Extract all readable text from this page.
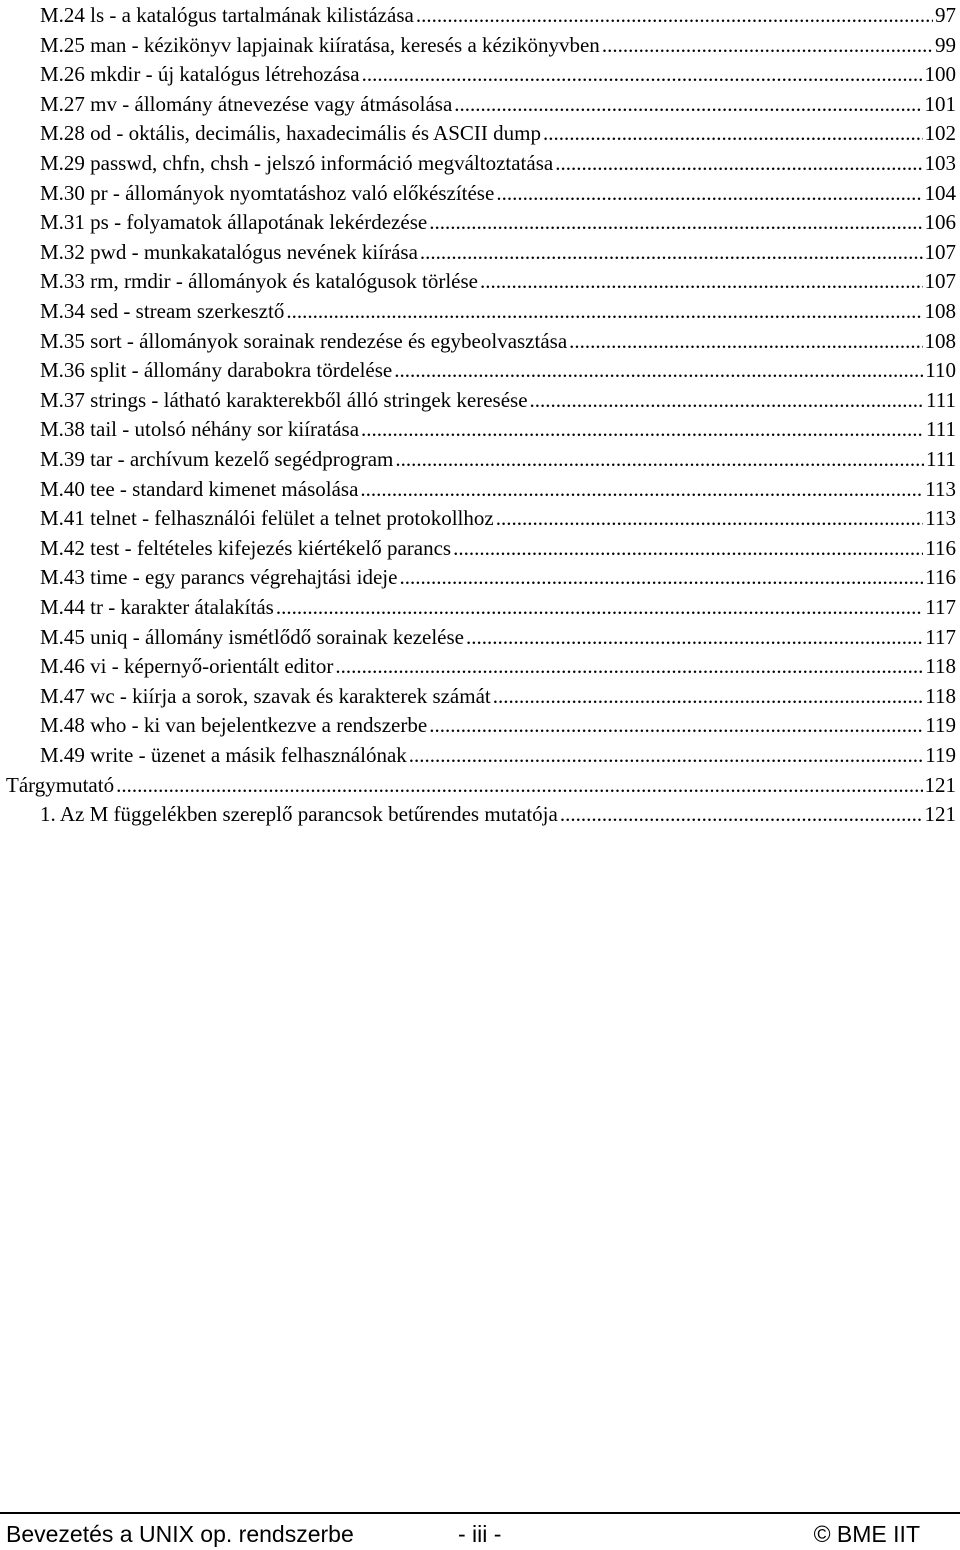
M.24 ls - a katalógus tartalmának kilistázása .....	97
M.25 man - kézikönyv lapjainak kiíratása, keresés a kézikönyvben .....	99
M.26 mkdir - új katalógus létrehozása .....	100
M.27 mv - állomány átnevezése vagy átmásolása .....	101
M.28 od - oktális, decimális, haxadecimális és ASCII dump .....	102
M.29 passwd, chfn, chsh - jelszó információ megváltoztatása .....	103
M.30 pr - állományok nyomtatáshoz való előkészítése .....	104
M.31 ps - folyamatok állapotának lekérdezése .....	106
M.32 pwd - munkakatalógus nevének kiírása .....	107
M.33 rm, rmdir - állományok és katalógusok törlése .....	107
M.34 sed - stream szerkesztő .....	108
M.35 sort - állományok sorainak rendezése és egybeolvasztása .....	108
M.36 split - állomány darabokra tördelése .....	110
M.37 strings - látható karakterekből álló stringek keresése .....	111
M.38 tail - utolsó néhány sor kiíratása .....	111
M.39 tar - archívum kezelő segédprogram .....	111
M.40 tee - standard kimenet másolása .....	113
M.41 telnet - felhasználói felület a telnet protokollhoz .....	113
M.42 test - feltételes kifejezés kiértékelő parancs .....	116
M.43 time - egy parancs végrehajtási ideje .....	116
M.44 tr - karakter átalakítás .....	117
M.45 uniq - állomány ismétlődő sorainak kezelése .....	117
M.46 vi - képernyő-orientált editor .....	118
M.47 wc - kiírja a sorok, szavak és karakterek számát .....	118
M.48 who - ki van bejelentkezve a rendszerbe .....	119
M.49 write - üzenet a másik felhasználónak .....	119
Tárgymutató .....	121
1. Az M függelékben szereplő parancsok betűrendes mutatója .....	121
Bevezetés a UNIX op. rendszerbe	- iii -	© BME IIT
